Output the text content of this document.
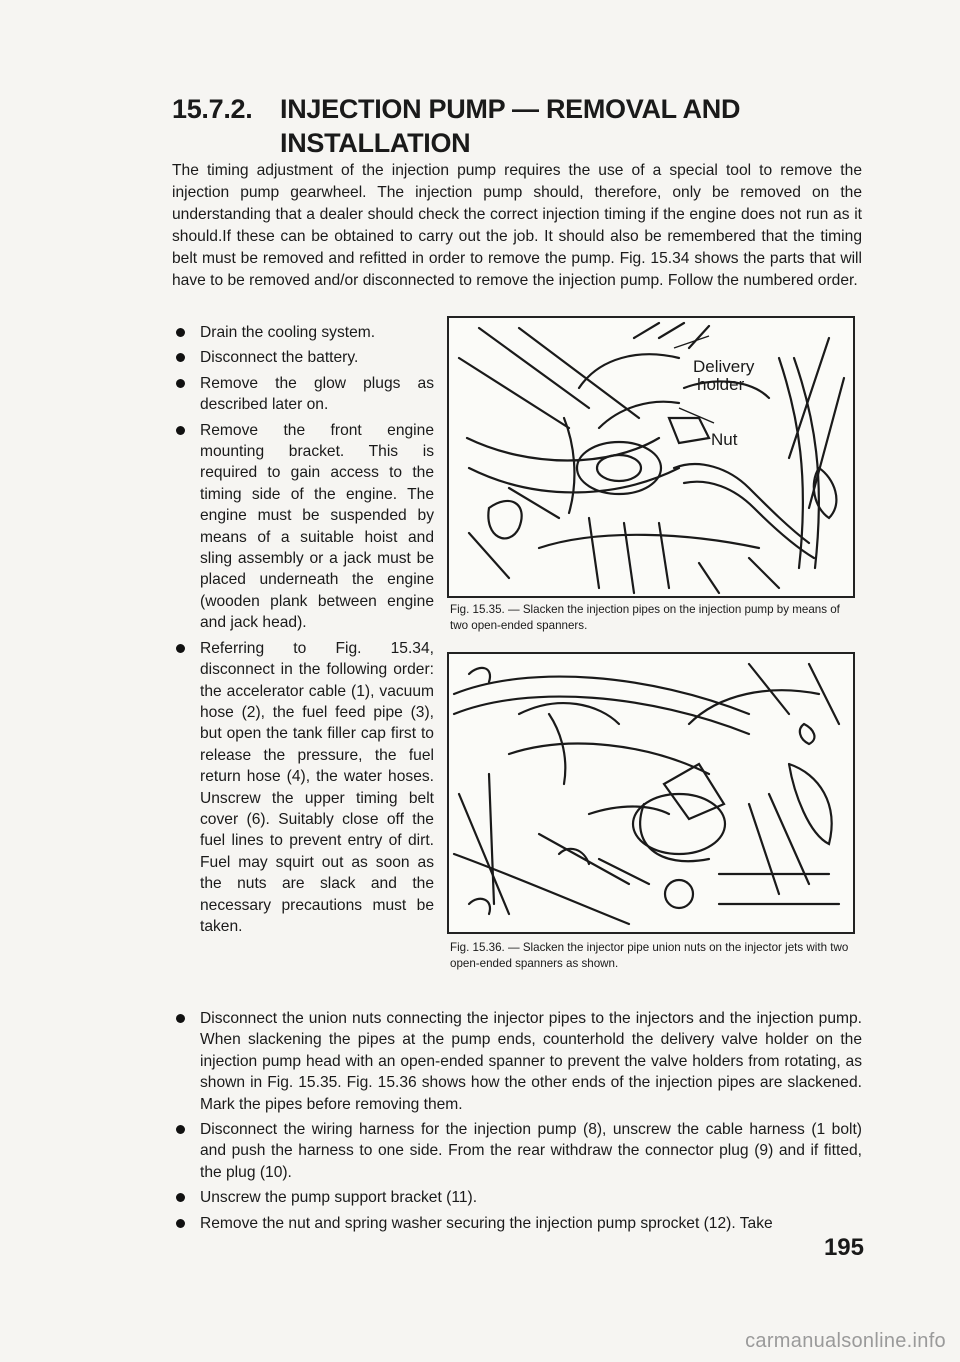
15.7.2. INJECTION PUMP — REMOVAL AND
INSTALLATION
The timing adjustment of the injection pump requires the use of a special tool to remove the injection pump gearwheel. The injection pump should, therefore, only be removed on the understanding that a dealer should check the correct injection timing if the engine does not run as it should.If these can be obtained to carry out the job. It should also be remembered that the timing belt must be removed and refitted in order to remove the pump. Fig. 15.34 shows the parts that will have to be removed and/or disconnected to remove the injection pump. Follow the numbered order.
Drain the cooling system.
Disconnect the battery.
Remove the glow plugs as described later on.
Remove the front engine mounting bracket. This is required to gain access to the timing side of the engine. The engine must be suspended by means of a suitable hoist and sling assembly or a jack must be placed underneath the engine (wooden plank between engine and jack head).
Referring to Fig. 15.34, disconnect in the following order: the accelerator cable (1), vacuum hose (2), the fuel feed pipe (3), but open the tank filler cap first to release the pressure, the fuel return hose (4), the water hoses. Unscrew the upper timing belt cover (6). Suitably close off the fuel lines to prevent entry of dirt. Fuel may squirt out as soon as the nuts are slack and the necessary precautions must be taken.
Delivery
holder
Nut
Fig. 15.35. — Slacken the injection pipes on the injection pump by means of two open-ended spanners.
Fig. 15.36. — Slacken the injector pipe union nuts on the injector jets with two open-ended spanners as shown.
Disconnect the union nuts connecting the injector pipes to the injectors and the injection pump. When slackening the pipes at the pump ends, counterhold the delivery valve holder on the injection pump head with an open-ended spanner to prevent the valve holders from rotating, as shown in Fig. 15.35. Fig. 15.36 shows how the other ends of the injection pipes are slackened. Mark the pipes before removing them.
Disconnect the wiring harness for the injection pump (8), unscrew the cable harness (1 bolt) and push the harness to one side. From the rear withdraw the connector plug (9) and if fitted, the plug (10).
Unscrew the pump support bracket (11).
Remove the nut and spring washer securing the injection pump sprocket (12). Take
195
carmanualsonline.info
